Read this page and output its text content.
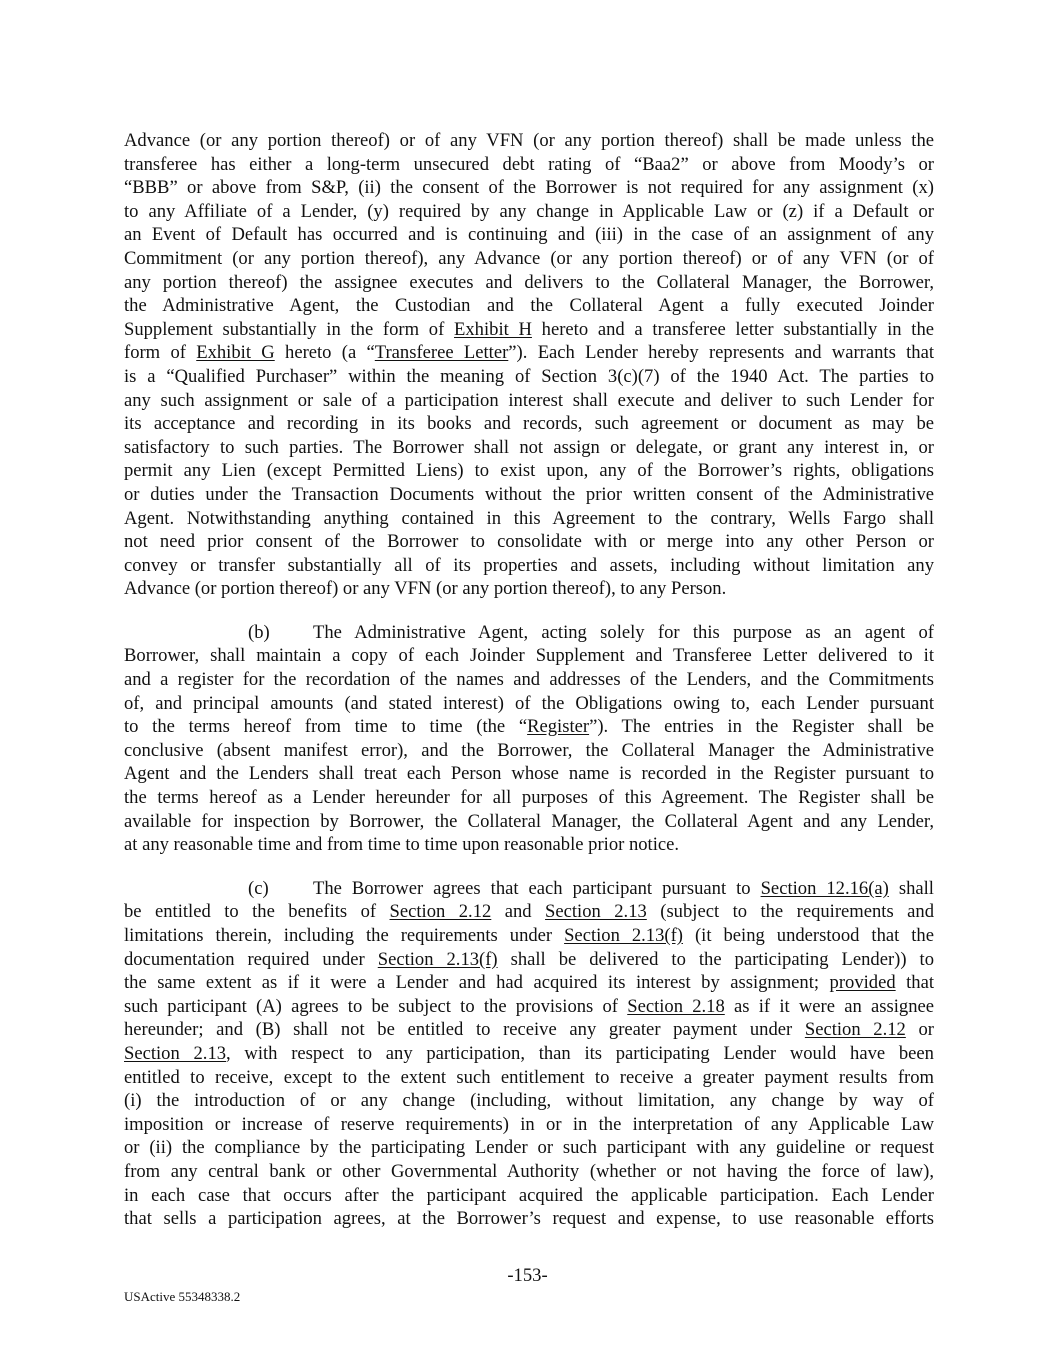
Advance (or any portion thereof) or of any VFN (or any portion thereof) shall be made unless the
transferee has either a long-term unsecured debt rating of “Baa2” or above from Moody’s or
“BBB” or above from S&P, (ii) the consent of the Borrower is not required for any assignment (x)
to any Affiliate of a Lender, (y) required by any change in Applicable Law or (z) if a Default or
an Event of Default has occurred and is continuing and (iii) in the case of an assignment of any
Commitment (or any portion thereof), any Advance (or any portion thereof) or of any VFN (or of
any portion thereof) the assignee executes and delivers to the Collateral Manager, the Borrower,
the Administrative Agent, the Custodian and the Collateral Agent a fully executed Joinder
Supplement substantially in the form of Exhibit H hereto and a transferee letter substantially in the
form of Exhibit G hereto (a “Transferee Letter”). Each Lender hereby represents and warrants that
is a “Qualified Purchaser” within the meaning of Section 3(c)(7) of the 1940 Act. The parties to
any such assignment or sale of a participation interest shall execute and deliver to such Lender for
its acceptance and recording in its books and records, such agreement or document as may be
satisfactory to such parties. The Borrower shall not assign or delegate, or grant any interest in, or
permit any Lien (except Permitted Liens) to exist upon, any of the Borrower’s rights, obligations
or duties under the Transaction Documents without the prior written consent of the Administrative
Agent. Notwithstanding anything contained in this Agreement to the contrary, Wells Fargo shall
not need prior consent of the Borrower to consolidate with or merge into any other Person or
convey or transfer substantially all of its properties and assets, including without limitation any
Advance (or portion thereof) or any VFN (or any portion thereof), to any Person.
(b) The Administrative Agent, acting solely for this purpose as an agent of
Borrower, shall maintain a copy of each Joinder Supplement and Transferee Letter delivered to it
and a register for the recordation of the names and addresses of the Lenders, and the Commitments
of, and principal amounts (and stated interest) of the Obligations owing to, each Lender pursuant
to the terms hereof from time to time (the “Register”). The entries in the Register shall be
conclusive (absent manifest error), and the Borrower, the Collateral Manager the Administrative
Agent and the Lenders shall treat each Person whose name is recorded in the Register pursuant to
the terms hereof as a Lender hereunder for all purposes of this Agreement. The Register shall be
available for inspection by Borrower, the Collateral Manager, the Collateral Agent and any Lender,
at any reasonable time and from time to time upon reasonable prior notice.
(c) The Borrower agrees that each participant pursuant to Section 12.16(a) shall
be entitled to the benefits of Section 2.12 and Section 2.13 (subject to the requirements and
limitations therein, including the requirements under Section 2.13(f) (it being understood that the
documentation required under Section 2.13(f) shall be delivered to the participating Lender)) to
the same extent as if it were a Lender and had acquired its interest by assignment; provided that
such participant (A) agrees to be subject to the provisions of Section 2.18 as if it were an assignee
hereunder; and (B) shall not be entitled to receive any greater payment under Section 2.12 or
Section 2.13, with respect to any participation, than its participating Lender would have been
entitled to receive, except to the extent such entitlement to receive a greater payment results from
(i) the introduction of or any change (including, without limitation, any change by way of
imposition or increase of reserve requirements) in or in the interpretation of any Applicable Law
or (ii) the compliance by the participating Lender or such participant with any guideline or request
from any central bank or other Governmental Authority (whether or not having the force of law),
in each case that occurs after the participant acquired the applicable participation. Each Lender
that sells a participation agrees, at the Borrower’s request and expense, to use reasonable efforts
-153-
USActive 55348338.2
